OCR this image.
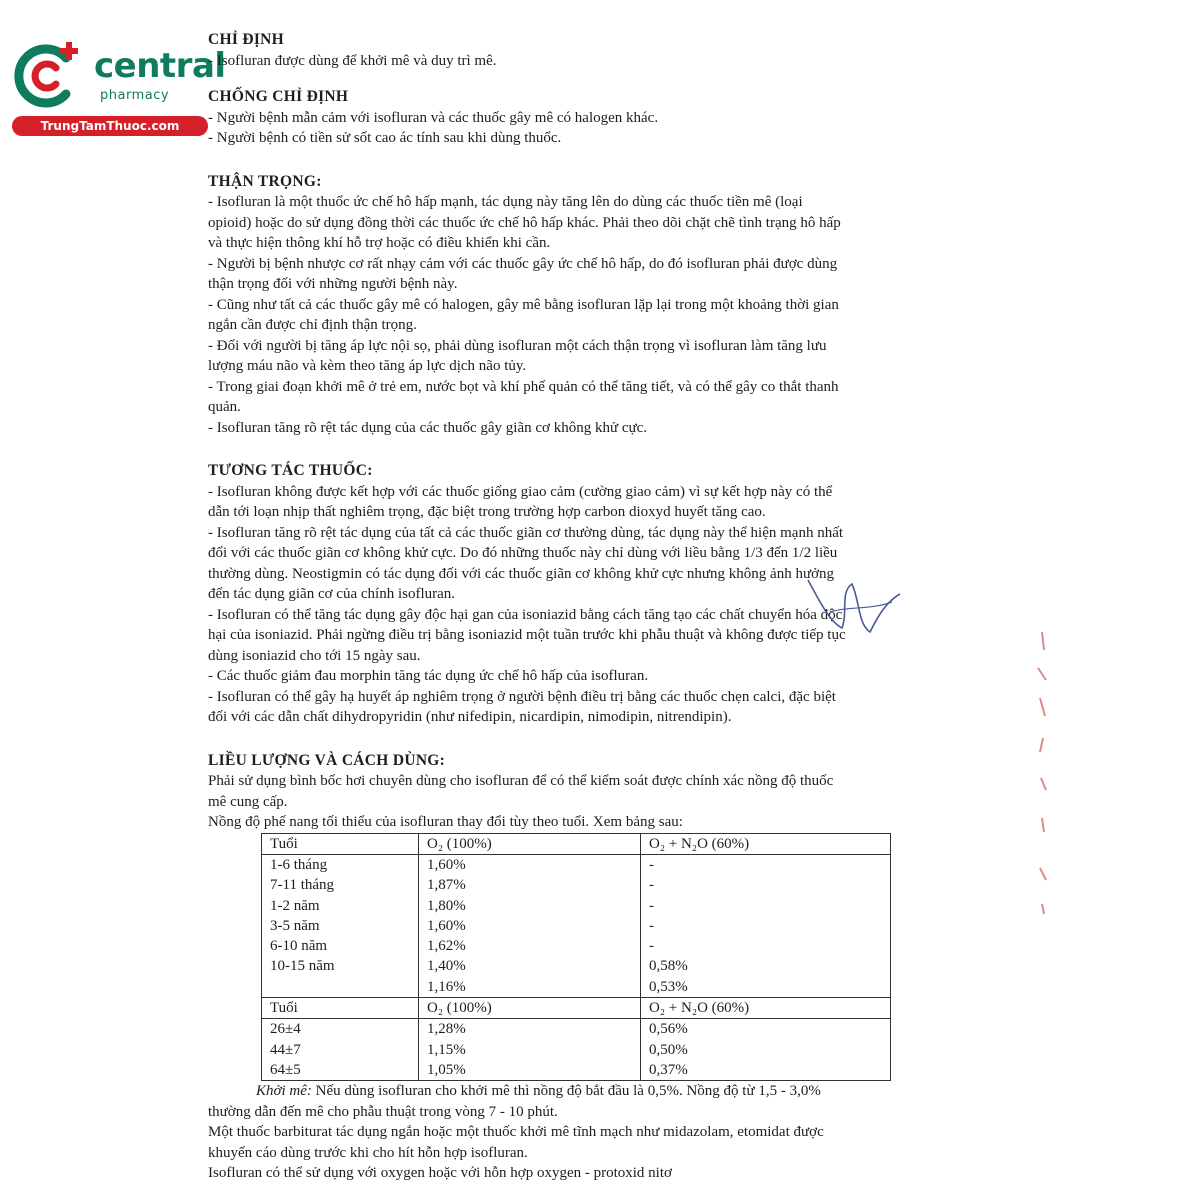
central
pharmacy
TrungTamThuoc.com

CHỈ ĐỊNH

- Isofluran được dùng để khởi mê và duy trì mê.

CHỐNG CHỈ ĐỊNH

- Người bệnh mẫn cảm với isofluran và các thuốc gây mê có halogen khác.

- Người bệnh có tiền sử sốt cao ác tính sau khi dùng thuốc.

THẬN TRỌNG:

- Isofluran là một thuốc ức chế hô hấp mạnh, tác dụng này tăng lên do dùng các thuốc tiền mê (loại

opioid) hoặc do sử dụng đồng thời các thuốc ức chế hô hấp khác. Phải theo dõi chặt chẽ tình trạng hô hấp

và thực hiện thông khí hỗ trợ hoặc có điều khiển khi cần.

- Người bị bệnh nhược cơ rất nhạy cảm với các thuốc gây ức chế hô hấp, do đó isofluran phải được dùng

thận trọng đối với những người bệnh này.

- Cũng như tất cả các thuốc gây mê có halogen, gây mê bằng isofluran lặp lại trong một khoảng thời gian

ngắn cần được chỉ định thận trọng.

- Đối với người bị tăng áp lực nội sọ, phải dùng isofluran một cách thận trọng vì isofluran làm tăng lưu

lượng máu não và kèm theo tăng áp lực dịch não tủy.

- Trong giai đoạn khởi mê ở trẻ em, nước bọt và khí phế quản có thể tăng tiết, và có thể gây co thắt thanh

quản.

- Isofluran tăng rõ rệt tác dụng của các thuốc gây giãn cơ không khử cực.

TƯƠNG TÁC THUỐC:

- Isofluran không được kết hợp với các thuốc giống giao cảm (cường giao cảm) vì sự kết hợp này có thể

dẫn tới loạn nhịp thất nghiêm trọng, đặc biệt trong trường hợp carbon dioxyd huyết tăng cao.

- Isofluran tăng rõ rệt tác dụng của tất cả các thuốc giãn cơ thường dùng, tác dụng này thể hiện mạnh nhất

đối với các thuốc giãn cơ không khử cực. Do đó những thuốc này chỉ dùng với liều bằng 1/3 đến 1/2 liều

thường dùng. Neostigmin có tác dụng đối với các thuốc giãn cơ không khử cực nhưng không ảnh hưởng

đến tác dụng giãn cơ của chính isofluran.

- Isofluran có thể tăng tác dụng gây độc hại gan của isoniazid bằng cách tăng tạo các chất chuyển hóa độc

hại của isoniazid. Phải ngừng điều trị bằng isoniazid một tuần trước khi phẫu thuật và không được tiếp tục

dùng isoniazid cho tới 15 ngày sau.

- Các thuốc giảm đau morphin tăng tác dụng ức chế hô hấp của isofluran.

- Isofluran có thể gây hạ huyết áp nghiêm trọng ở người bệnh điều trị bằng các thuốc chẹn calci, đặc biệt

đối với các dẫn chất dihydropyridin (như nifedipin, nicardipin, nimodipin, nitrendipin).

LIỀU LƯỢNG VÀ CÁCH DÙNG:

Phải sử dụng bình bốc hơi chuyên dùng cho isofluran để có thể kiểm soát được chính xác nồng độ thuốc

mê cung cấp.

Nồng độ phế nang tối thiểu của isofluran thay đổi tùy theo tuổi. Xem bảng sau:

Tuổi	O₂ (100%)	O₂ + N₂O (60%)
1-6 tháng	1,60%	-
7-11 tháng	1,87%	-
1-2 năm	1,80%	-
3-5 năm	1,60%	-
6-10 năm	1,62%	-
10-15 năm	1,40%	0,58%
	1,16%	0,53%
Tuổi	O₂ (100%)	O₂ + N₂O (60%)
26±4	1,28%	0,56%
44±7	1,15%	0,50%
64±5	1,05%	0,37%

Khởi mê: Nếu dùng isofluran cho khởi mê thì nồng độ bắt đầu là 0,5%. Nồng độ từ 1,5 - 3,0%

thường dẫn đến mê cho phẫu thuật trong vòng 7 - 10 phút.

Một thuốc barbiturat tác dụng ngắn hoặc một thuốc khởi mê tĩnh mạch như midazolam, etomidat được

khuyến cáo dùng trước khi cho hít hỗn hợp isofluran.

Isofluran có thể sử dụng với oxygen hoặc với hỗn hợp oxygen - protoxid nitơ
